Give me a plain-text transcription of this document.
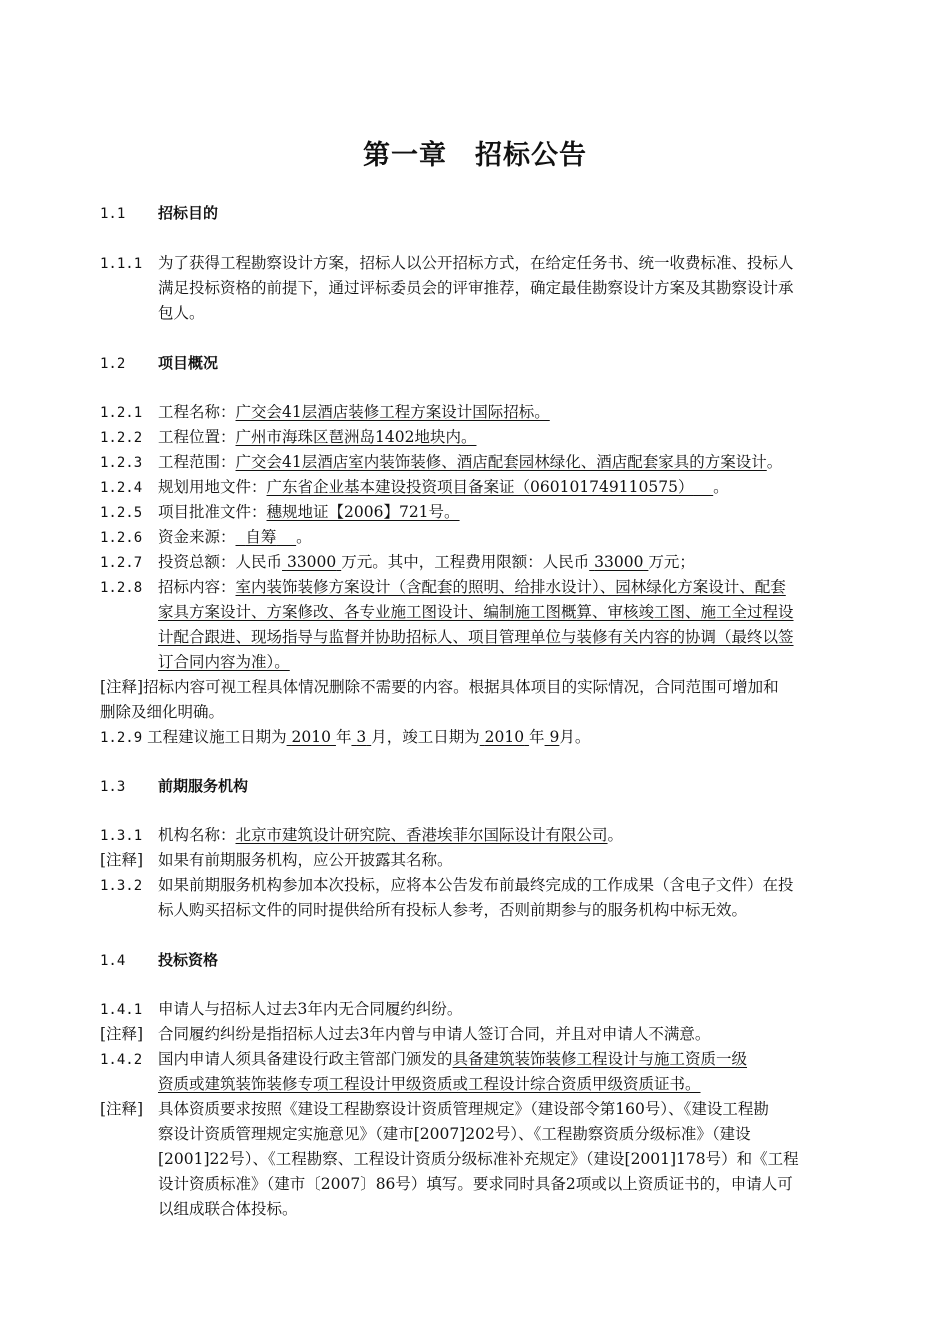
第一章　招标公告
1.1 招标目的
1.1.1 为了获得工程勘察设计方案，招标人以公开招标方式，在给定任务书、统一收费标准、投标人
满足投标资格的前提下，通过评标委员会的评审推荐，确定最佳勘察设计方案及其勘察设计承
包人。
1.2 项目概况
1.2.1 工程名称：广交会41层酒店装修工程方案设计国际招标。
1.2.2 工程位置：广州市海珠区琶洲岛1402地块内。
1.2.3 工程范围：广交会41层酒店室内装饰装修、酒店配套园林绿化、酒店配套家具的方案设计。
1.2.4 规划用地文件：广东省企业基本建设投资项目备案证（060101749110575） 。
1.2.5 项目批准文件：穗规地证【2006】721号。
1.2.6 资金来源： 自筹 。
1.2.7 投资总额：人民币 33000 万元。其中，工程费用限额：人民币 33000 万元；
1.2.8 招标内容：室内装饰装修方案设计（含配套的照明、给排水设计）、园林绿化方案设计、配套
家具方案设计、方案修改、各专业施工图设计、编制施工图概算、审核竣工图、施工全过程设
计配合跟进、现场指导与监督并协助招标人、项目管理单位与装修有关内容的协调（最终以签
订合同内容为准）。
[注释]招标内容可视工程具体情况删除不需要的内容。根据具体项目的实际情况，合同范围可增加和
删除及细化明确。
1.2.9 工程建议施工日期为 2010 年 3 月，竣工日期为 2010 年 9月。
1.3 前期服务机构
1.3.1 机构名称：北京市建筑设计研究院、香港埃菲尔国际设计有限公司。
[注释] 如果有前期服务机构，应公开披露其名称。
1.3.2 如果前期服务机构参加本次投标，应将本公告发布前最终完成的工作成果（含电子文件）在投
标人购买招标文件的同时提供给所有投标人参考，否则前期参与的服务机构中标无效。
1.4 投标资格
1.4.1 申请人与招标人过去3年内无合同履约纠纷。
[注释] 合同履约纠纷是指招标人过去3年内曾与申请人签订合同，并且对申请人不满意。
1.4.2 国内申请人须具备建设行政主管部门颁发的具备建筑装饰装修工程设计与施工资质一级
资质或建筑装饰装修专项工程设计甲级资质或工程设计综合资质甲级资质证书。
[注释] 具体资质要求按照《建设工程勘察设计资质管理规定》（建设部令第160号）、《建设工程勘
察设计资质管理规定实施意见》（建市[2007]202号）、《工程勘察资质分级标准》（建设
[2001]22号）、《工程勘察、工程设计资质分级标准补充规定》（建设[2001]178号）和《工程
设计资质标准》（建市〔2007〕86号）填写。要求同时具备2项或以上资质证书的，申请人可
以组成联合体投标。
